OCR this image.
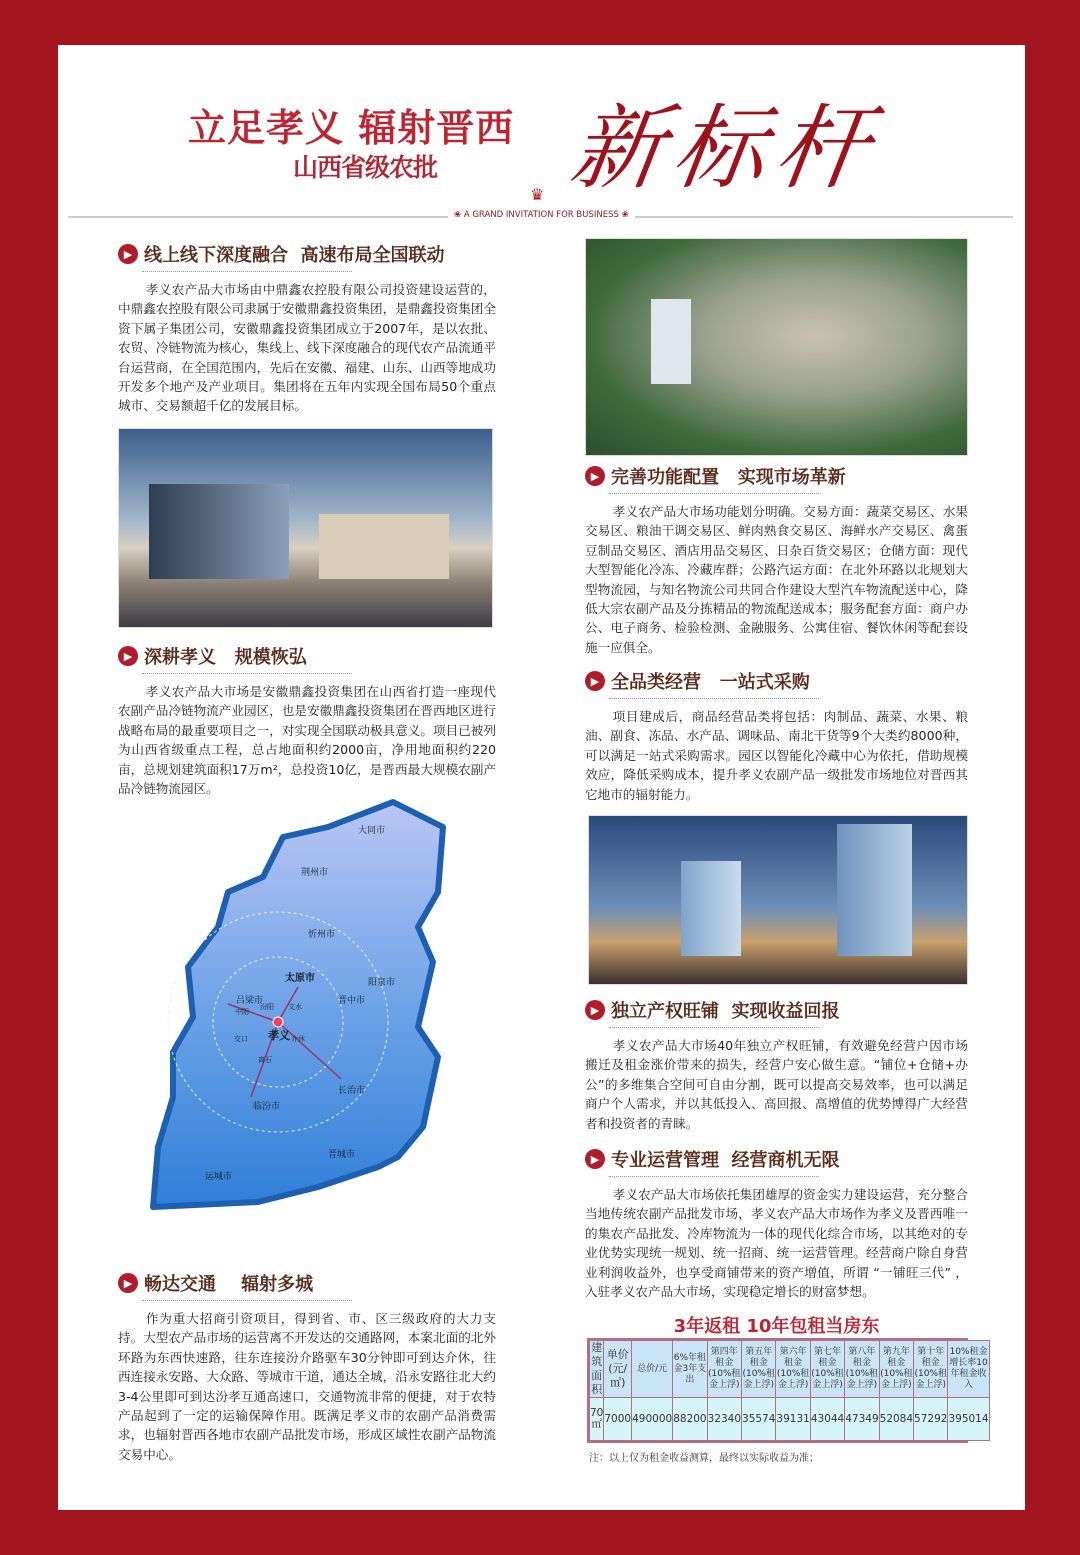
立足孝义 辐射晋西
山西省级农批 新标杆
♛
❀ A GRAND INVITATION FOR BUSINESS ❀
▶ 线上线下深度融合  高速布局全国联动
孝义农产品大市场由中鼎鑫农控股有限公司投资建设运营的，中鼎鑫农控股有限公司隶属于安徽鼎鑫投资集团，是鼎鑫投资集团全资下属子集团公司，安徽鼎鑫投资集团成立于2007年，是以农批、农贸、冷链物流为核心，集线上、线下深度融合的现代农产品流通平台运营商，在全国范围内，先后在安徽、福建、山东、山西等地成功开发多个地产及产业项目。集团将在五年内实现全国布局50个重点城市、交易额超千亿的发展目标。
▶ 深耕孝义   规模恢弘
孝义农产品大市场是安徽鼎鑫投资集团在山西省打造一座现代农副产品冷链物流产业园区，也是安徽鼎鑫投资集团在晋西地区进行战略布局的最重要项目之一，对实现全国联动极具意义。项目已被列为山西省级重点工程，总占地面积约2000亩，净用地面积约220亩，总规划建筑面积17万m²，总投资10亿，是晋西最大规模农副产品冷链物流园区。
大同市
荆州市
忻州市
太原市	阳泉市
吕梁市	晋中市
孝义
临汾市
长治市
晋城市
运城市
中阳
汾阳 文水
交口	介休
离石
▶ 畅达交通    辐射多城
作为重大招商引资项目，得到省、市、区三级政府的大力支持。大型农产品市场的运营离不开发达的交通路网，本案北面的北外环路为东西快速路，往东连接汾介路驱车30分钟即可到达介休，往西连接永安路、大众路、等城市干道，通达全城，沿永安路往北大约3-4公里即可到达汾孝互通高速口，交通物流非常的便捷，对于农特产品起到了一定的运输保障作用。既满足孝义市的农副产品消费需求，也辐射晋西各地市农副产品批发市场，形成区域性农副产品物流交易中心。
▶ 完善功能配置   实现市场革新
孝义农产品大市场功能划分明确。交易方面：蔬菜交易区、水果交易区、粮油干调交易区、鲜肉熟食交易区、海鲜水产交易区、禽蛋豆制品交易区、酒店用品交易区、日杂百货交易区；仓储方面：现代大型智能化冷冻、冷藏库群；公路汽运方面：在北外环路以北规划大型物流园，与知名物流公司共同合作建设大型汽车物流配送中心，降低大宗农副产品及分拣精品的物流配送成本；服务配套方面：商户办公、电子商务、检验检测、金融服务、公寓住宿、餐饮休闲等配套设施一应俱全。
▶ 全品类经营   一站式采购
项目建成后，商品经营品类将包括：肉制品、蔬菜、水果、粮油、副食、冻品、水产品、调味品、南北干货等9个大类约8000种，可以满足一站式采购需求。园区以智能化冷藏中心为依托，借助规模效应，降低采购成本，提升孝义农副产品一级批发市场地位对晋西其它地市的辐射能力。
▶ 独立产权旺铺  实现收益回报
孝义农产品大市场40年独立产权旺铺，有效避免经营户因市场搬迁及租金涨价带来的损失，经营户安心做生意。“铺位+仓储+办公”的多维集合空间可自由分割，既可以提高交易效率，也可以满足商户个人需求，并以其低投入、高回报、高增值的优势博得广大经营者和投资者的青睐。
▶ 专业运营管理  经营商机无限
孝义农产品大市场依托集团雄厚的资金实力建设运营，充分整合当地传统农副产品批发市场，孝义农产品大市场作为孝义及晋西唯一的集农产品批发、冷库物流为一体的现代化综合市场，以其绝对的专业优势实现统一规划、统一招商、统一运营管理。经营商户除自身营业利润收益外，也享受商铺带来的资产增值，所谓 “一铺旺三代” ，入驻孝义农产品大市场，实现稳定增长的财富梦想。
3年返租 10年包租当房东
建筑面积	单价(元/㎡)	总价/元	6%年租金3年支出	第四年租金(10%租金上浮)	第五年租金(10%租金上浮)	第六年租金(10%租金上浮)	第七年租金(10%租金上浮)	第八年租金(10%租金上浮)	第九年租金(10%租金上浮)	第十年租金(10%租金上浮)	10%租金增长率10年租金收入
70㎡	7000	490000	88200	32340	35574	39131	43044	47349	52084	57292	395014
注：以上仅为租金收益测算，最终以实际收益为准；
